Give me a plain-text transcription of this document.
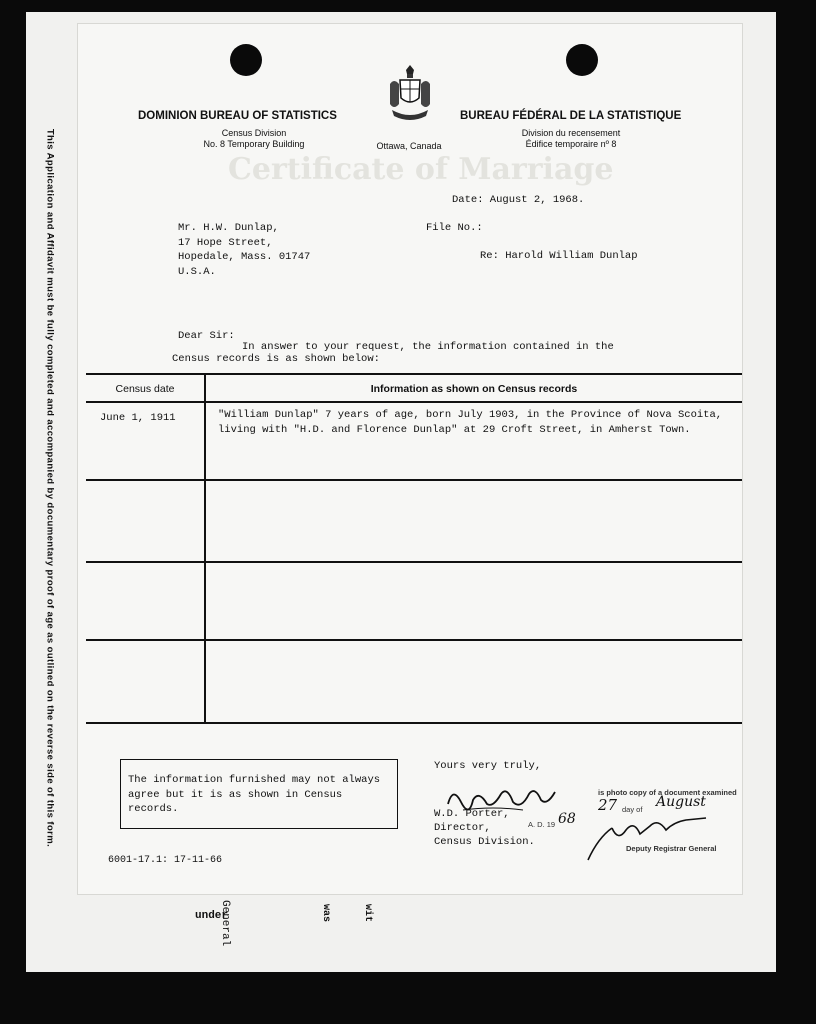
This Application and Affidavit must be fully completed and accompanied by documentary proof of age as outlined on the reverse side of this form.
under
General	was	wit
Certificate of Marriage
DOMINION BUREAU OF STATISTICS
Census Division
No. 8 Temporary Building	Ottawa, Canada
BUREAU FÉDÉRAL DE LA STATISTIQUE
Division du recensement
Édifice temporaire nº 8
Date: August 2, 1968.
File No.:
Mr. H.W. Dunlap,
17 Hope Street,
Hopedale, Mass. 01747
U.S.A.
Re: Harold William Dunlap
Dear Sir:
In answer to your request, the information contained in the
Census records is as shown below:
Census date	Information as shown on Census records
June 1, 1911	"William Dunlap" 7 years of age, born July 1903, in the Province of Nova Scoita, living with "H.D. and Florence Dunlap" at 29 Croft Street, in Amherst Town.
The information furnished may not always agree but it is as shown in Census records.
Yours very truly,
W.D. Porter,
Director,
Census Division.
is photo copy of a document examined
27 day of August
A. D. 19 68
Deputy Registrar General
6001-17.1: 17-11-66
